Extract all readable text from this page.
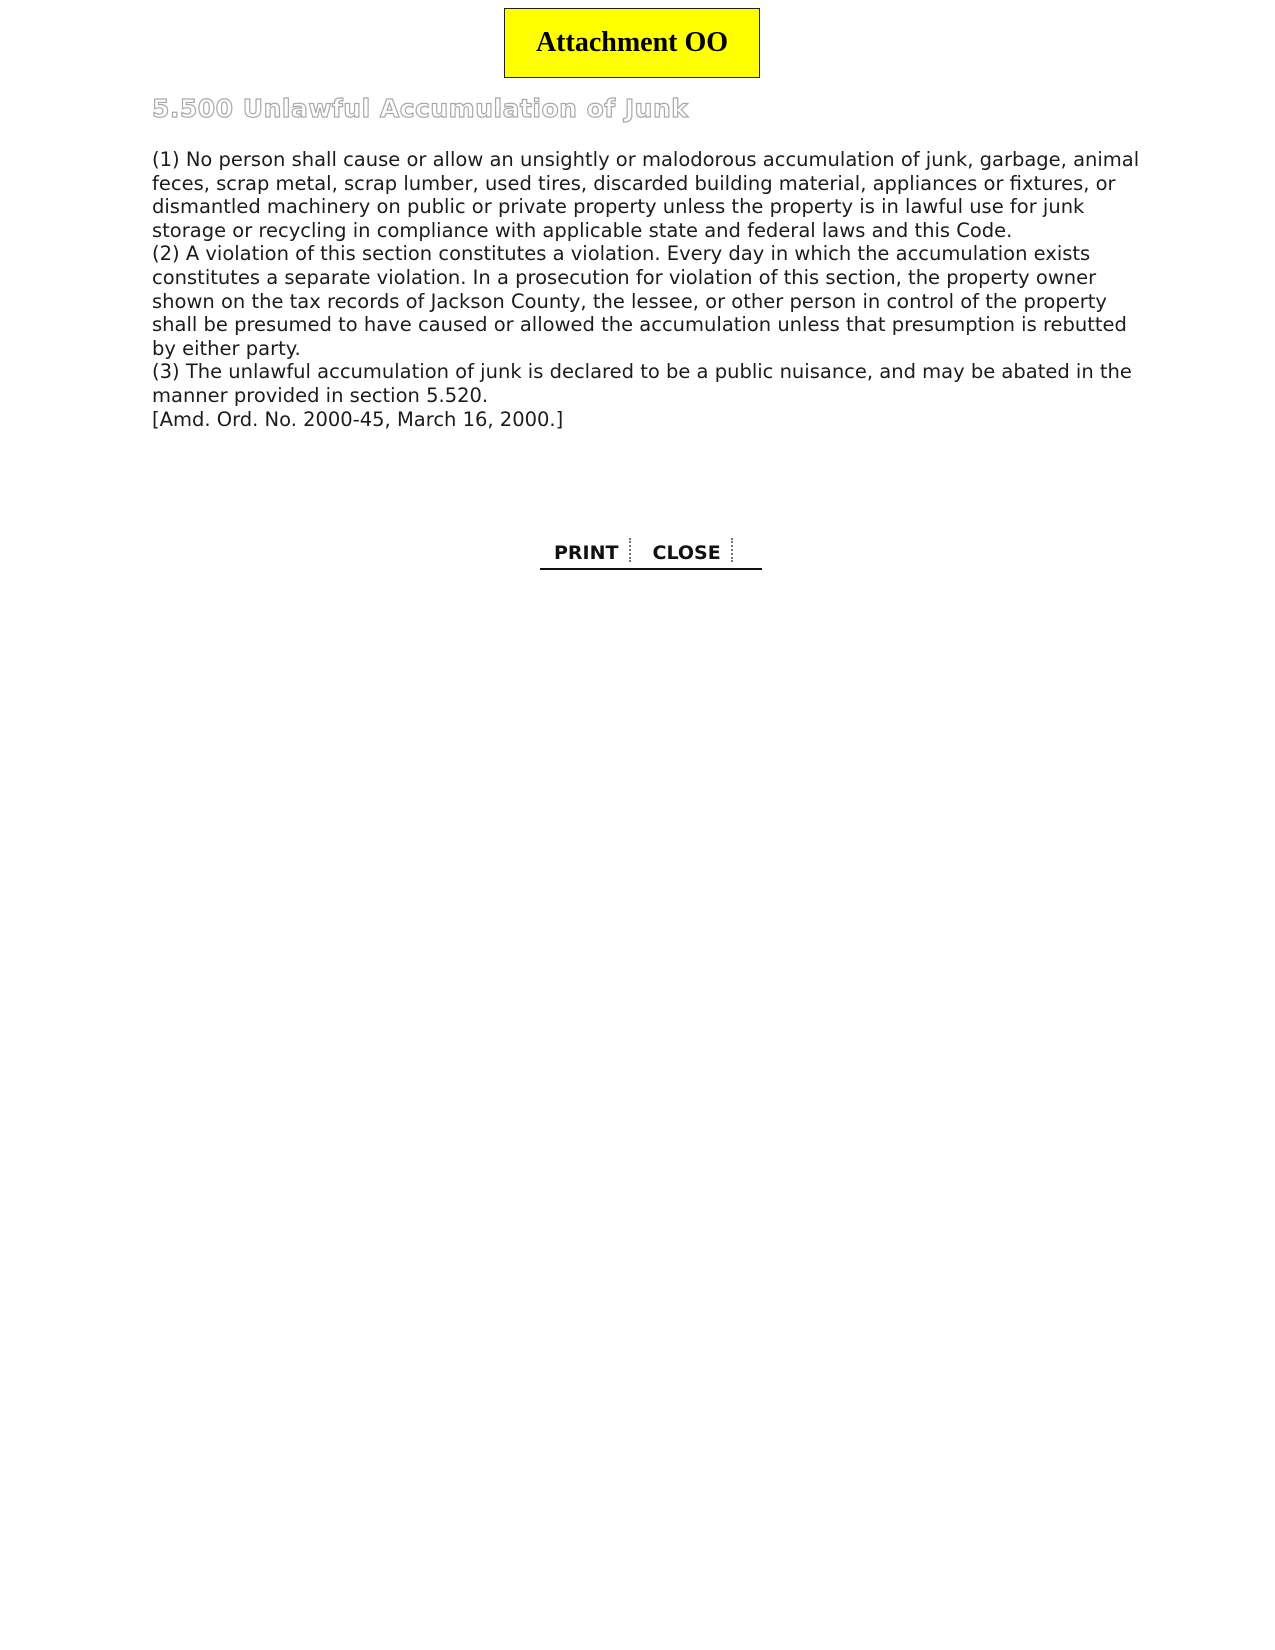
Attachment OO
5.500 Unlawful Accumulation of Junk

(1) No person shall cause or allow an unsightly or malodorous accumulation of junk, garbage, animal feces, scrap metal, scrap lumber, used tires, discarded building material, appliances or fixtures, or dismantled machinery on public or private property unless the property is in lawful use for junk storage or recycling in compliance with applicable state and federal laws and this Code.

(2) A violation of this section constitutes a violation. Every day in which the accumulation exists constitutes a separate violation. In a prosecution for violation of this section, the property owner shown on the tax records of Jackson County, the lessee, or other person in control of the property shall be presumed to have caused or allowed the accumulation unless that presumption is rebutted by either party.

(3) The unlawful accumulation of junk is declared to be a public nuisance, and may be abated in the manner provided in section 5.520.

[Amd. Ord. No. 2000-45, March 16, 2000.]

PRINT CLOSE
